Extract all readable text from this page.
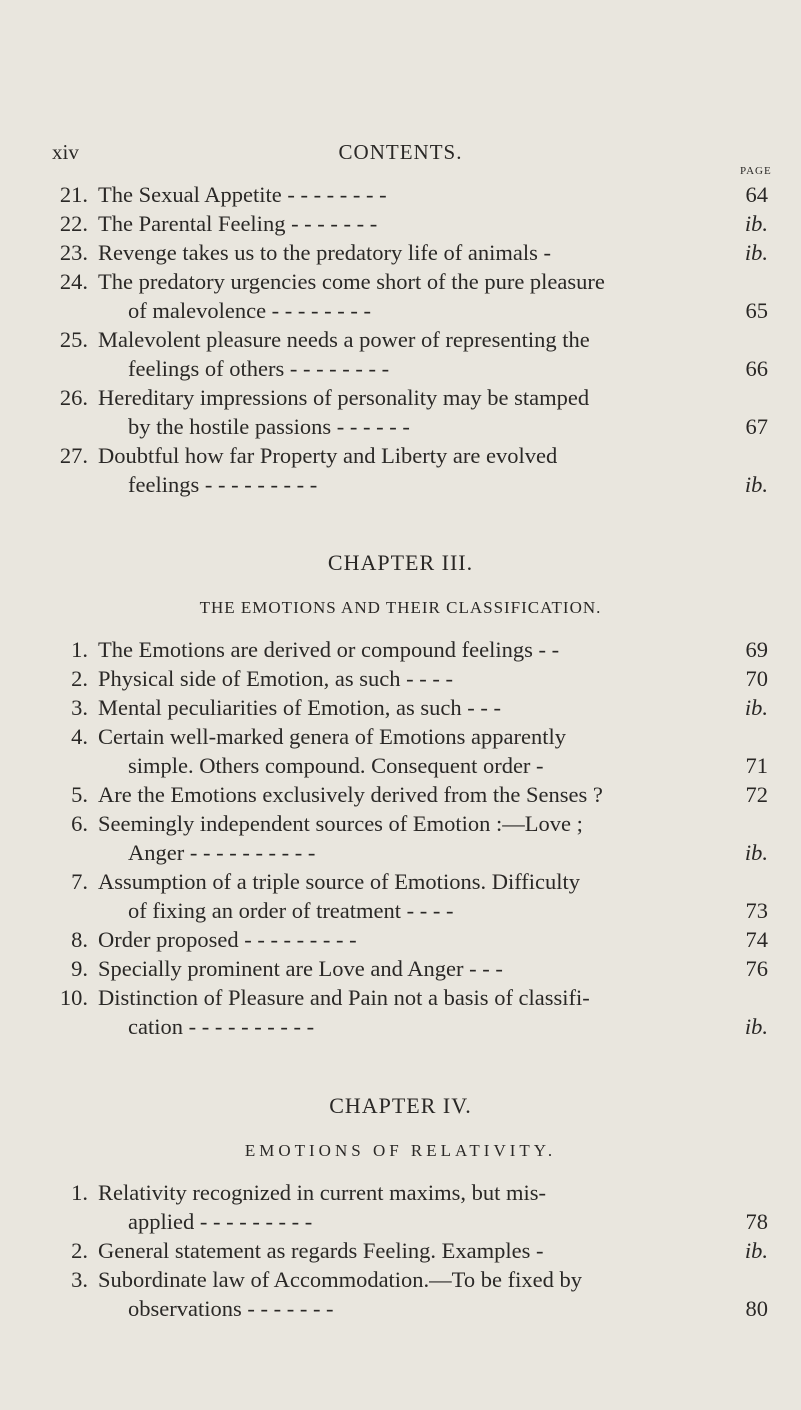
xiv	CONTENTS.
PAGE
21. The Sexual Appetite - - - - - - - -	64
22. The Parental Feeling - - - - - - -	ib.
23. Revenge takes us to the predatory life of animals -	ib.
24. The predatory urgencies come short of the pure pleasure
of malevolence - - - - - - - -	65
25. Malevolent pleasure needs a power of representing the
feelings of others - - - - - - - -	66
26. Hereditary impressions of personality may be stamped
by the hostile passions - - - - - -	67
27. Doubtful how far Property and Liberty are evolved
feelings - - - - - - - - -	ib.
CHAPTER III.
THE EMOTIONS AND THEIR CLASSIFICATION.
1. The Emotions are derived or compound feelings - -	69
2. Physical side of Emotion, as such - - - -	70
3. Mental peculiarities of Emotion, as such - - -	ib.
4. Certain well-marked genera of Emotions apparently
simple. Others compound. Consequent order -	71
5. Are the Emotions exclusively derived from the Senses ?	72
6. Seemingly independent sources of Emotion :—Love ;
Anger - - - - - - - - - -	ib.
7. Assumption of a triple source of Emotions. Difficulty
of fixing an order of treatment - - - -	73
8. Order proposed - - - - - - - - -	74
9. Specially prominent are Love and Anger - - -	76
10. Distinction of Pleasure and Pain not a basis of classifi-
cation - - - - - - - - - -	ib.
CHAPTER IV.
EMOTIONS OF RELATIVITY.
1. Relativity recognized in current maxims, but mis-
applied - - - - - - - - -	78
2. General statement as regards Feeling. Examples -	ib.
3. Subordinate law of Accommodation.—To be fixed by
observations - - - - - - -	80
